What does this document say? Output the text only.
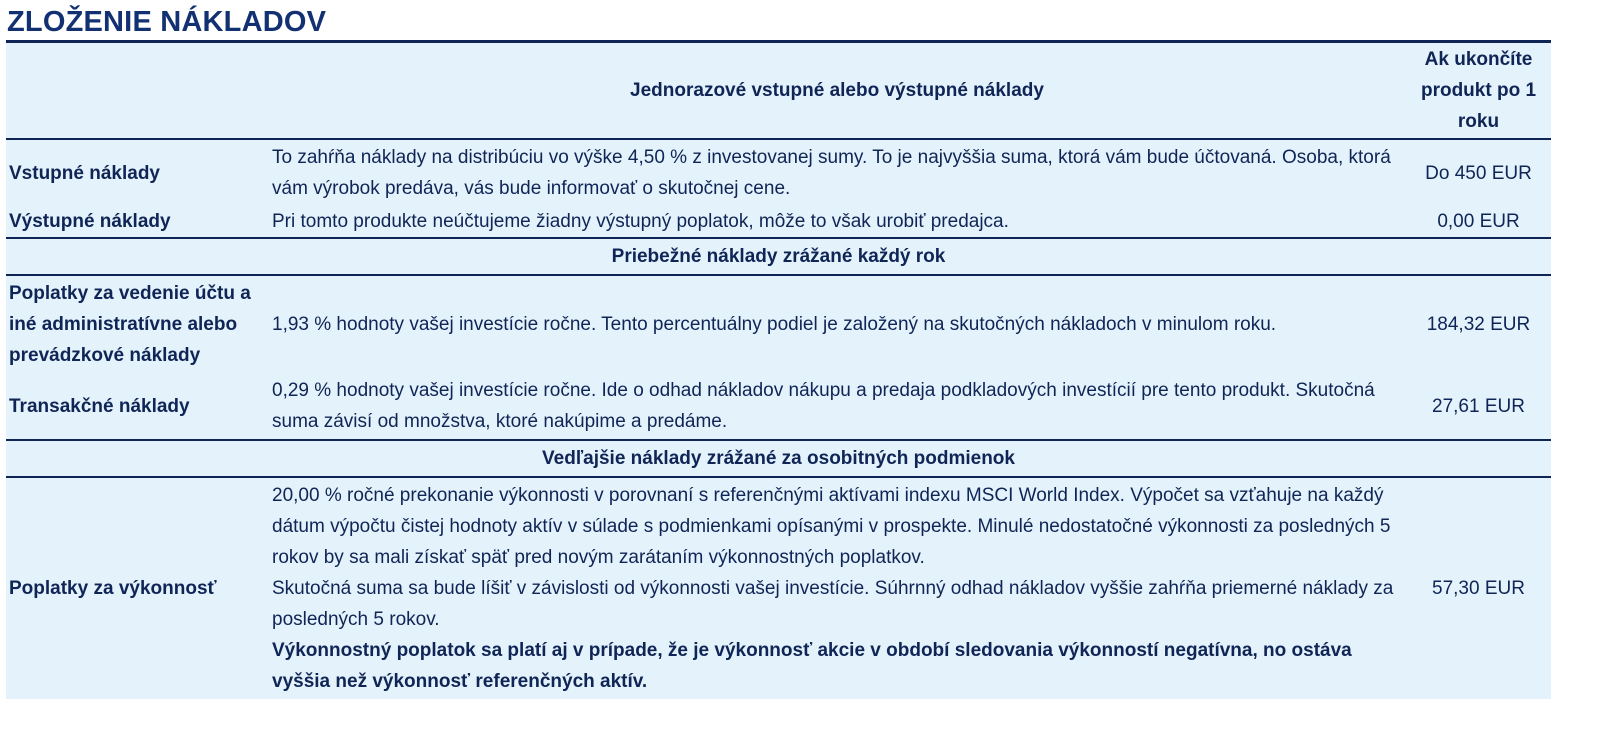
ZLOŽENIE NÁKLADOV
	Jednorazové vstupné alebo výstupné náklady	Ak ukončíte produkt po 1 roku
Vstupné náklady	To zahŕňa náklady na distribúciu vo výške 4,50 % z investovanej sumy. To je najvyššia suma, ktorá vám bude účtovaná. Osoba, ktorá vám výrobok predáva, vás bude informovať o skutočnej cene.	Do 450 EUR
Výstupné náklady	Pri tomto produkte neúčtujeme žiadny výstupný poplatok, môže to však urobiť predajca.	0,00 EUR
Priebežné náklady zrážané každý rok		
Poplatky za vedenie účtu a iné administratívne alebo prevádzkové náklady	1,93 % hodnoty vašej investície ročne. Tento percentuálny podiel je založený na skutočných nákladoch v minulom roku.	184,32 EUR
Transakčné náklady	0,29 % hodnoty vašej investície ročne. Ide o odhad nákladov nákupu a predaja podkladových investícií pre tento produkt. Skutočná suma závisí od množstva, ktoré nakúpime a predáme.	27,61 EUR
Vedľajšie náklady zrážané za osobitných podmienok		
Poplatky za výkonnosť	20,00 % ročné prekonanie výkonnosti v porovnaní s referenčnými aktívami indexu MSCI World Index. Výpočet sa vzťahuje na každý dátum výpočtu čistej hodnoty aktív v súlade s podmienkami opísanými v prospekte. Minulé nedostatočné výkonnosti za posledných 5 rokov by sa mali získať späť pred novým zarátaním výkonnostných poplatkov.
Skutočná suma sa bude líšiť v závislosti od výkonnosti vašej investície. Súhrnný odhad nákladov vyššie zahŕňa priemerné náklady za posledných 5 rokov.
Výkonnostný poplatok sa platí aj v prípade, že je výkonnosť akcie v období sledovania výkonností negatívna, no ostáva vyššia než výkonnosť referenčných aktív.	57,30 EUR
